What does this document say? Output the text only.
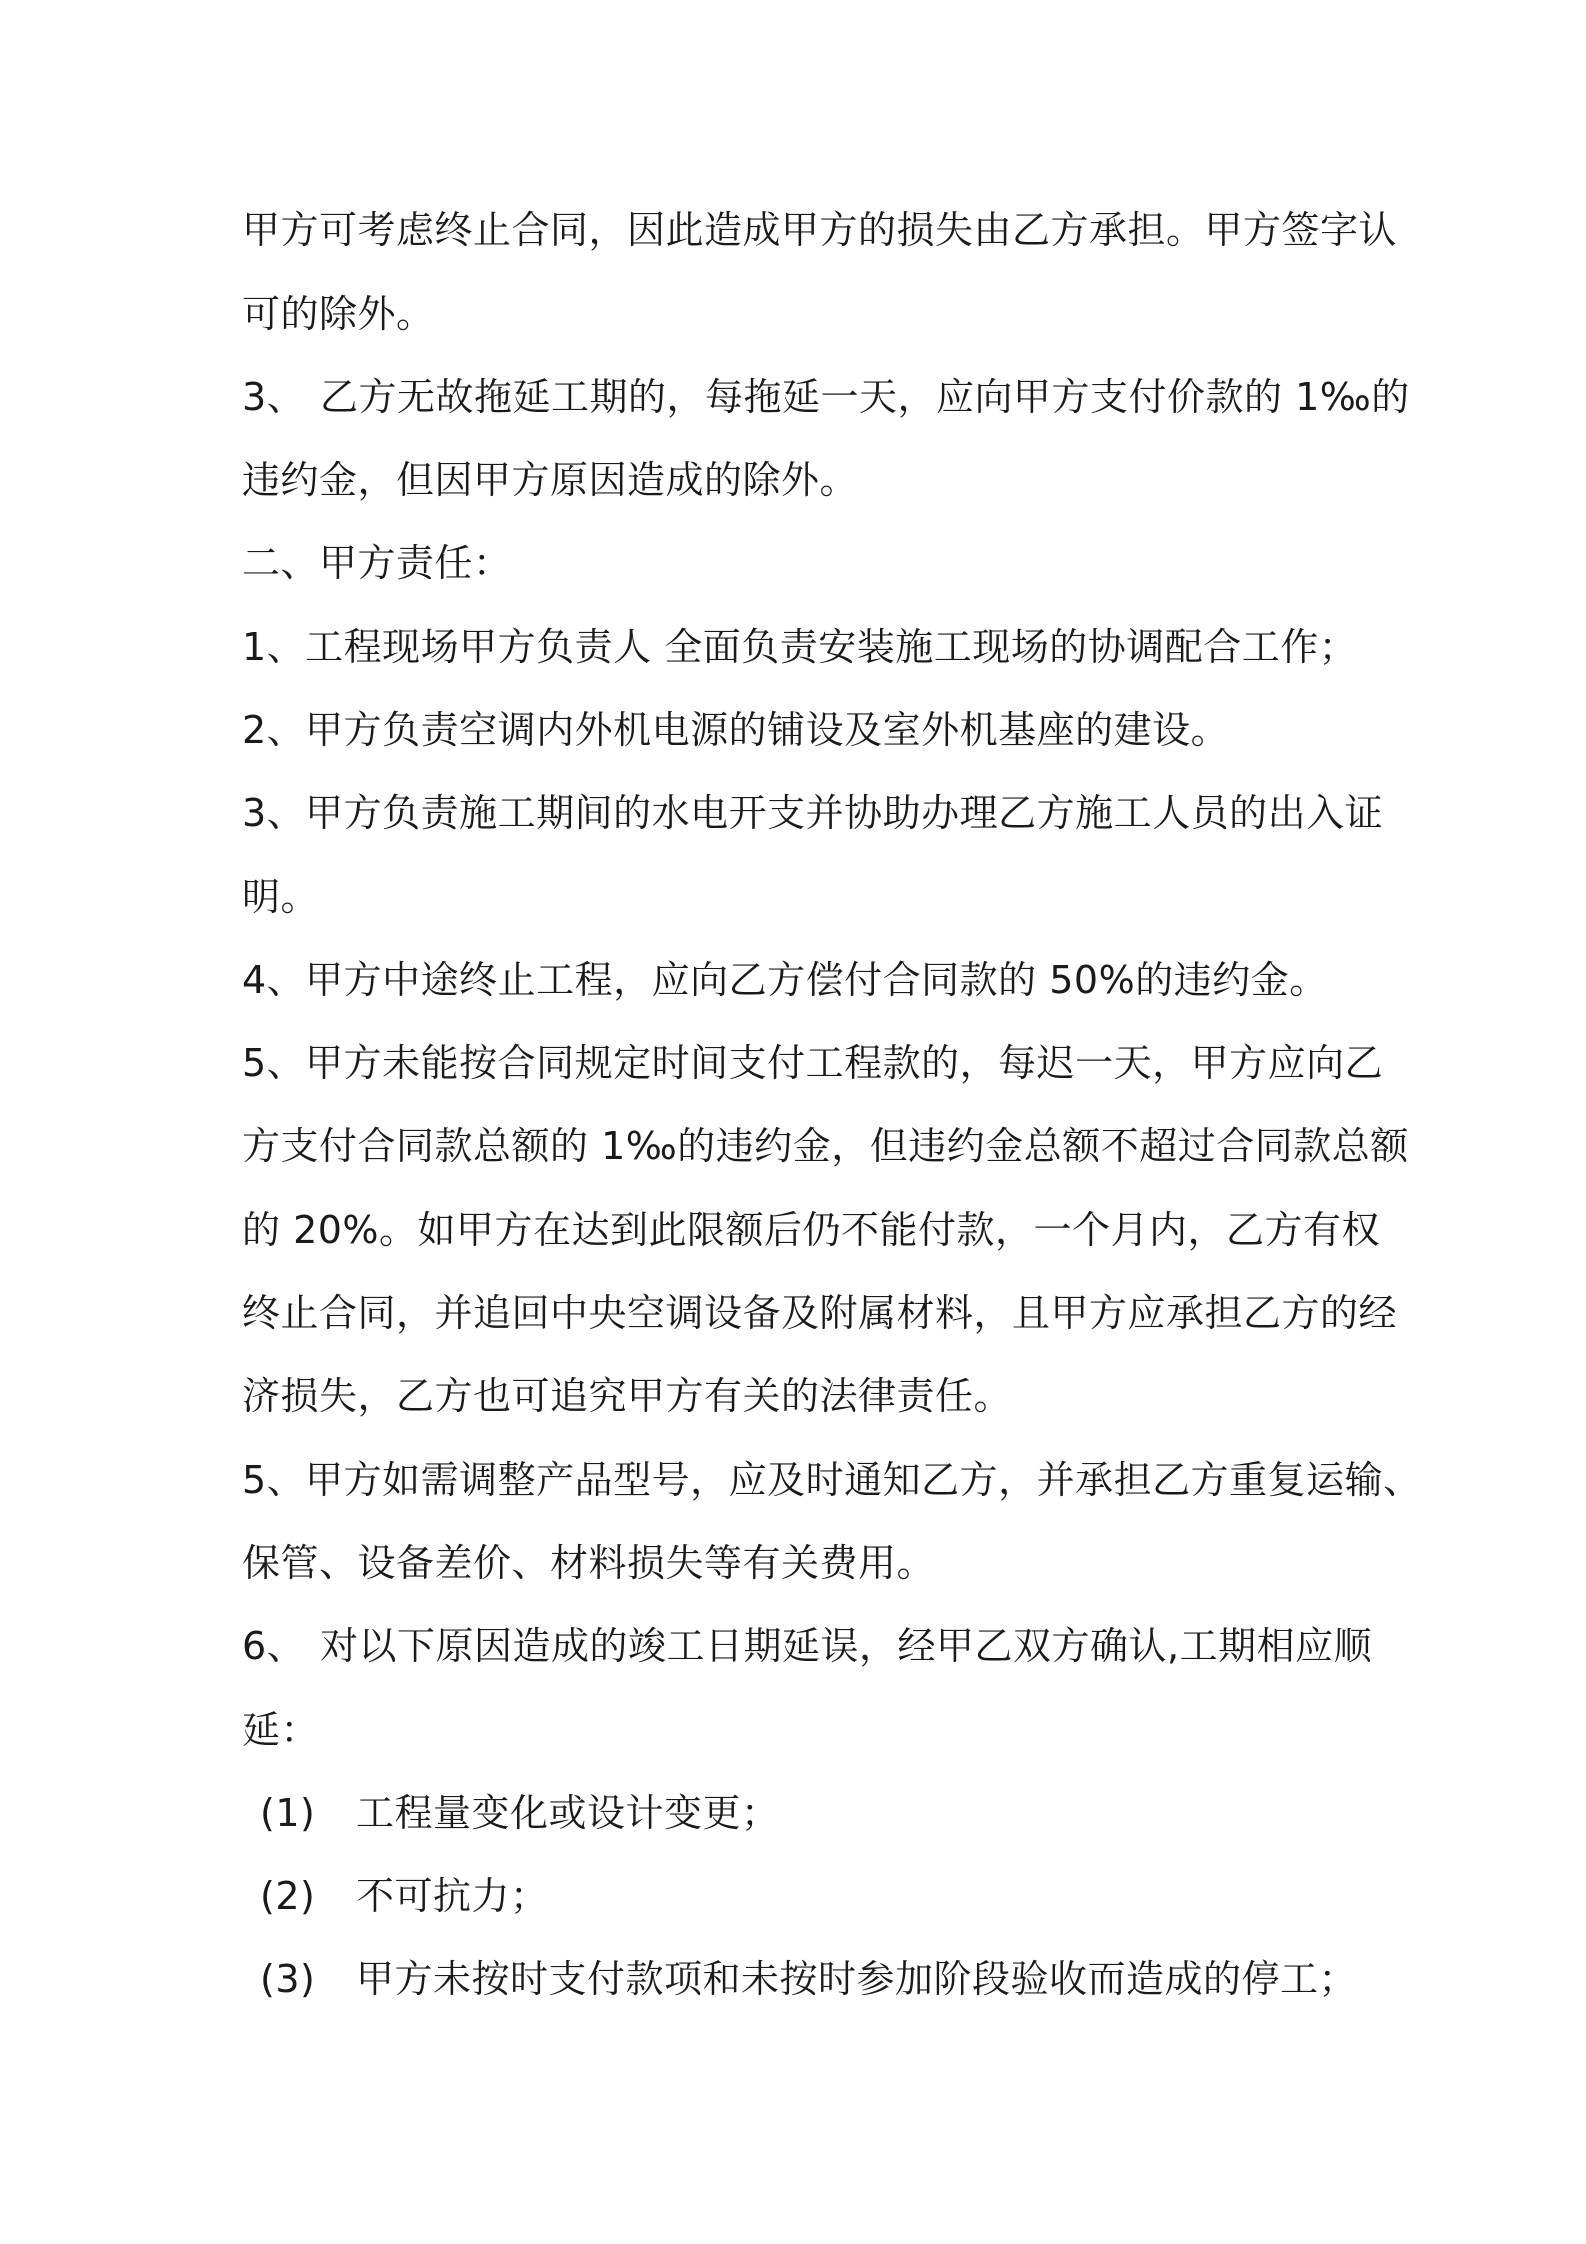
甲方可考虑终止合同，因此造成甲方的损失由乙方承担。甲方签字认
可的除外。
3、 乙方无故拖延工期的，每拖延一天，应向甲方支付价款的 1‰的
违约金，但因甲方原因造成的除外。
二、甲方责任：
1、工程现场甲方负责人 全面负责安装施工现场的协调配合工作；
2、甲方负责空调内外机电源的铺设及室外机基座的建设。
3、甲方负责施工期间的水电开支并协助办理乙方施工人员的出入证
明。
4、甲方中途终止工程，应向乙方偿付合同款的 50%的违约金。
5、甲方未能按合同规定时间支付工程款的，每迟一天，甲方应向乙
方支付合同款总额的 1‰的违约金，但违约金总额不超过合同款总额
的 20%。如甲方在达到此限额后仍不能付款，一个月内，乙方有权
终止合同，并追回中央空调设备及附属材料，且甲方应承担乙方的经
济损失，乙方也可追究甲方有关的法律责任。
5、甲方如需调整产品型号，应及时通知乙方，并承担乙方重复运输、
保管、设备差价、材料损失等有关费用。
6、 对以下原因造成的竣工日期延误，经甲乙双方确认,工期相应顺
延：
(1) 工程量变化或设计变更；
(2) 不可抗力；
(3) 甲方未按时支付款项和未按时参加阶段验收而造成的停工；
